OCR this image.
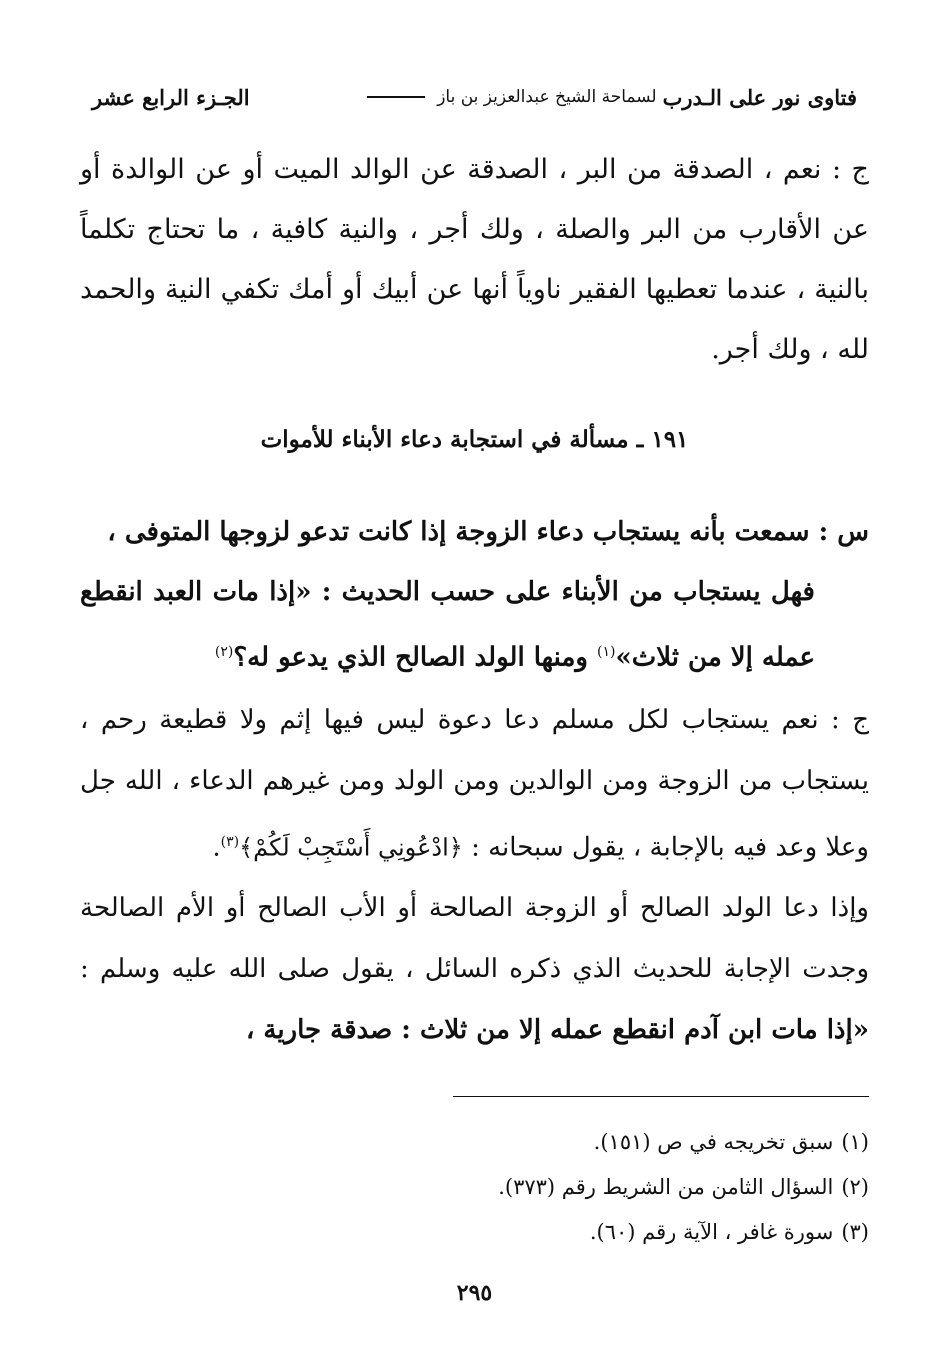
فتاوى نور على الـدرب
لسماحة الشيخ عبدالعزيز بن باز
الجـزء الرابع عشر

ج : نعم ، الصدقة من البر ، الصدقة عن الوالد الميت أو عن الوالدة أو عن الأقارب من البر والصلة ، ولك أجر ، والنية كافية ، ما تحتاج تكلماً بالنية ، عندما تعطيها الفقير ناوياً أنها عن أبيك أو أمك تكفي النية والحمد لله ، ولك أجر.

١٩١ ـ مسألة في استجابة دعاء الأبناء للأموات

س : سمعت بأنه يستجاب دعاء الزوجة إذا كانت تدعو لزوجها المتوفى ،

فهل يستجاب من الأبناء على حسب الحديث : «إذا مات العبد انقطع عمله إلا من ثلاث»$^{(١)}$ ومنها الولد الصالح الذي يدعو له؟$^{(٢)}$

ج : نعم يستجاب لكل مسلم دعا دعوة ليس فيها إثم ولا قطيعة رحم ، يستجاب من الزوجة ومن الوالدين ومن الولد ومن غيرهم الدعاء ، الله جل وعلا وعد فيه بالإجابة ، يقول سبحانه : ﴿ادْعُونِي أَسْتَجِبْ لَكُمْ﴾$^{(٣)}$.

وإذا دعا الولد الصالح أو الزوجة الصالحة أو الأب الصالح أو الأم الصالحة وجدت الإجابة للحديث الذي ذكره السائل ، يقول صلى الله عليه وسلم : «إذا مات ابن آدم انقطع عمله إلا من ثلاث : صدقة جارية ،

(١)سبق تخريجه في ص (١٥١).
(٢)السؤال الثامن من الشريط رقم (٣٧٣).
(٣)سورة غافر ، الآية رقم (٦٠).
٢٩٥
